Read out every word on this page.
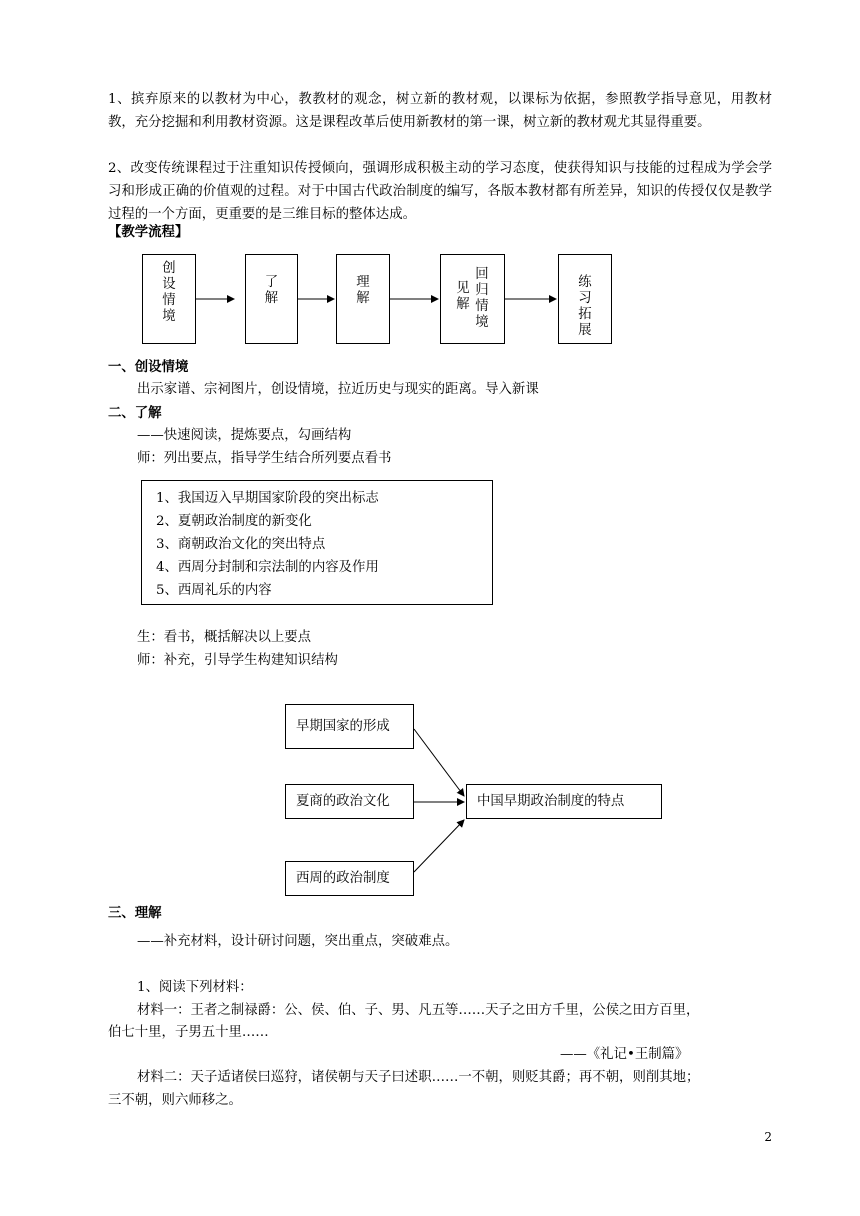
1、摈弃原来的以教材为中心，教教材的观念，树立新的教材观，以课标为依据，参照教学指导意见，用教材教，充分挖掘和利用教材资源。这是课程改革后使用新教材的第一课，树立新的教材观尤其显得重要。
2、改变传统课程过于注重知识传授倾向，强调形成积极主动的学习态度，使获得知识与技能的过程成为学会学习和形成正确的价值观的过程。对于中国古代政治制度的编写，各版本教材都有所差异，知识的传授仅仅是教学过程的一个方面，更重要的是三维目标的整体达成。
【教学流程】
创
设
情
境
了
解
理
解
见
解
回
归
情
境
练
习
拓
展
一、创设情境
出示家谱、宗祠图片，创设情境，拉近历史与现实的距离。导入新课
二、了解
——快速阅读，提炼要点，勾画结构
师：列出要点，指导学生结合所列要点看书
1、我国迈入早期国家阶段的突出标志
2、夏朝政治制度的新变化
3、商朝政治文化的突出特点
4、西周分封制和宗法制的内容及作用
5、西周礼乐的内容
生：看书，概括解决以上要点
师：补充，引导学生构建知识结构
早期国家的形成
夏商的政治文化
西周的政治制度
中国早期政治制度的特点
三、理解
——补充材料，设计研讨问题，突出重点，突破难点。
1、阅读下列材料：
材料一：王者之制禄爵：公、侯、伯、子、男、凡五等……天子之田方千里，公侯之田方百里，
伯七十里，子男五十里……
——《礼记•王制篇》
材料二：天子适诸侯曰巡狩，诸侯朝与天子曰述职……一不朝，则贬其爵；再不朝，则削其地；
三不朝，则六师移之。
2
